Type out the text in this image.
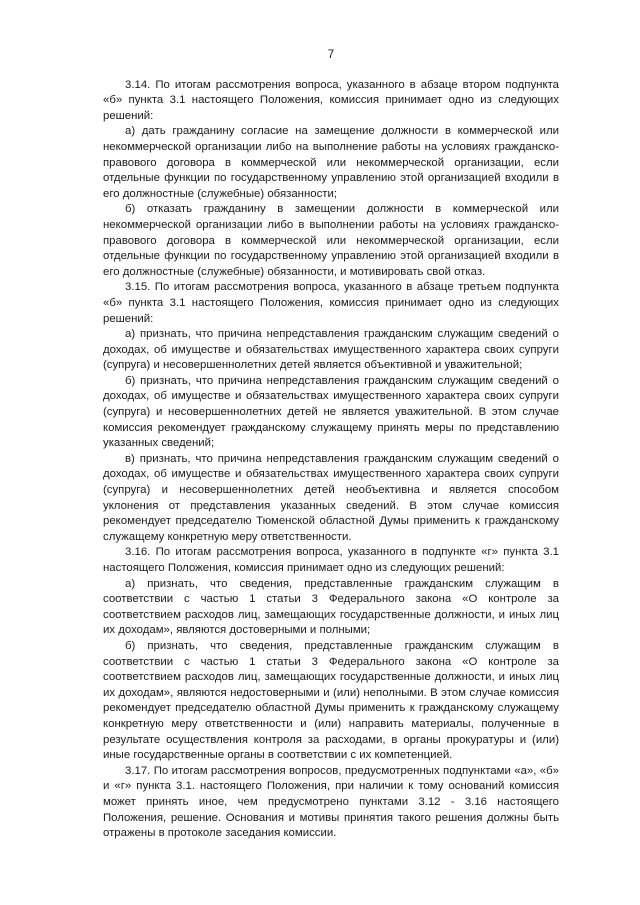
7

3.14. По итогам рассмотрения вопроса, указанного в абзаце втором подпункта «б» пункта 3.1 настоящего Положения, комиссия принимает одно из следующих решений:

а) дать гражданину согласие на замещение должности в коммерческой или некоммерческой организации либо на выполнение работы на условиях гражданско-правового договора в коммерческой или некоммерческой организации, если отдельные функции по государственному управлению этой организацией входили в его должностные (служебные) обязанности;

б) отказать гражданину в замещении должности в коммерческой или некоммерческой организации либо в выполнении работы на условиях гражданско-правового договора в коммерческой или некоммерческой организации, если отдельные функции по государственному управлению этой организацией входили в его должностные (служебные) обязанности, и мотивировать свой отказ.

3.15. По итогам рассмотрения вопроса, указанного в абзаце третьем подпункта «б» пункта 3.1 настоящего Положения, комиссия принимает одно из следующих решений:

а) признать, что причина непредставления гражданским служащим сведений о доходах, об имуществе и обязательствах имущественного характера своих супруги (супруга) и несовершеннолетних детей является объективной и уважительной;

б) признать, что причина непредставления гражданским служащим сведений о доходах, об имуществе и обязательствах имущественного характера своих супруги (супруга) и несовершеннолетних детей не является уважительной. В этом случае комиссия рекомендует гражданскому служащему принять меры по представлению указанных сведений;

в) признать, что причина непредставления гражданским служащим сведений о доходах, об имуществе и обязательствах имущественного характера своих супруги (супруга) и несовершеннолетних детей необъективна и является способом уклонения от представления указанных сведений. В этом случае комиссия рекомендует председателю Тюменской областной Думы применить к гражданскому служащему конкретную меру ответственности.

3.16. По итогам рассмотрения вопроса, указанного в подпункте «г» пункта 3.1 настоящего Положения, комиссия принимает одно из следующих решений:

а) признать, что сведения, представленные гражданским служащим в соответствии с частью 1 статьи 3 Федерального закона «О контроле за соответствием расходов лиц, замещающих государственные должности, и иных лиц их доходам», являются достоверными и полными;

б) признать, что сведения, представленные гражданским служащим в соответствии с частью 1 статьи 3 Федерального закона «О контроле за соответствием расходов лиц, замещающих государственные должности, и иных лиц их доходам», являются недостоверными и (или) неполными. В этом случае комиссия рекомендует председателю областной Думы применить к гражданскому служащему конкретную меру ответственности и (или) направить материалы, полученные в результате осуществления контроля за расходами, в органы прокуратуры и (или) иные государственные органы в соответствии с их компетенцией.

3.17. По итогам рассмотрения вопросов, предусмотренных подпунктами «а», «б» и «г» пункта 3.1. настоящего Положения, при наличии к тому оснований комиссия может принять иное, чем предусмотрено пунктами 3.12 - 3.16 настоящего Положения, решение. Основания и мотивы принятия такого решения должны быть отражены в протоколе заседания комиссии.
